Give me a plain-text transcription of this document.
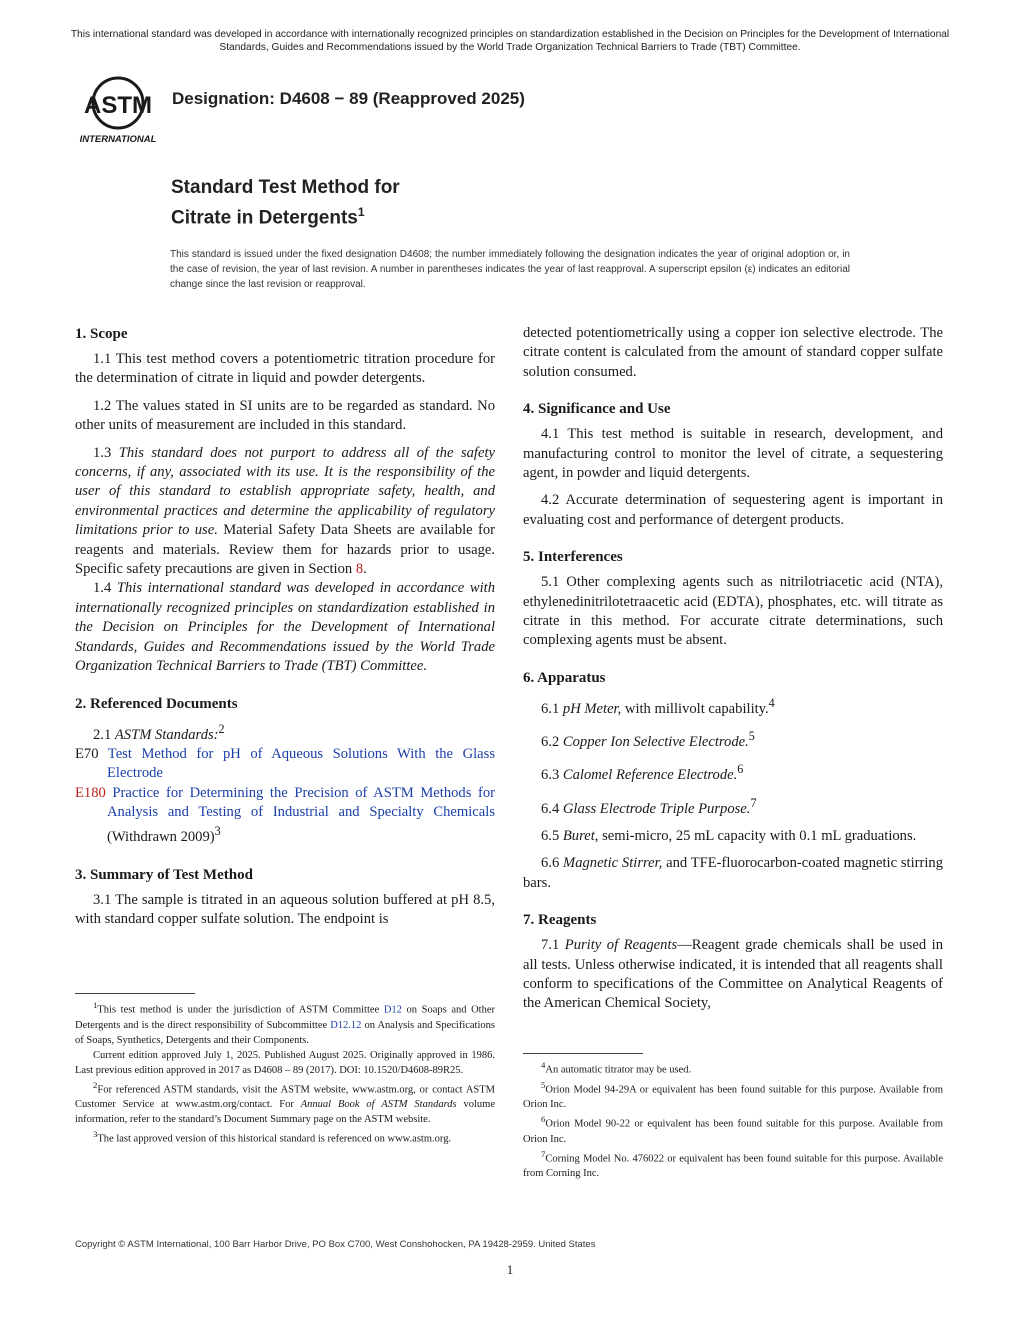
This international standard was developed in accordance with internationally recognized principles on standardization established in the Decision on Principles for the Development of International Standards, Guides and Recommendations issued by the World Trade Organization Technical Barriers to Trade (TBT) Committee.
ASTM
INTERNATIONAL
Designation: D4608 − 89 (Reapproved 2025)
Standard Test Method for
Citrate in Detergents$^1$
This standard is issued under the fixed designation D4608; the number immediately following the designation indicates the year of original adoption or, in the case of revision, the year of last revision. A number in parentheses indicates the year of last reapproval. A superscript epsilon (ε) indicates an editorial change since the last revision or reapproval.
1. Scope

1.1 This test method covers a potentiometric titration procedure for the determination of citrate in liquid and powder detergents.

1.2 The values stated in SI units are to be regarded as standard. No other units of measurement are included in this standard.

1.3 This standard does not purport to address all of the safety concerns, if any, associated with its use. It is the responsibility of the user of this standard to establish appropriate safety, health, and environmental practices and determine the applicability of regulatory limitations prior to use. Material Safety Data Sheets are available for reagents and materials. Review them for hazards prior to usage. Specific safety precautions are given in Section 8.

1.4 This international standard was developed in accordance with internationally recognized principles on standardization established in the Decision on Principles for the Development of International Standards, Guides and Recommendations issued by the World Trade Organization Technical Barriers to Trade (TBT) Committee.

2. Referenced Documents

2.1 ASTM Standards:$^2$

E70 Test Method for pH of Aqueous Solutions With the Glass Electrode

E180 Practice for Determining the Precision of ASTM Methods for Analysis and Testing of Industrial and Specialty Chemicals (Withdrawn 2009)$^3$

3. Summary of Test Method

3.1 The sample is titrated in an aqueous solution buffered at pH 8.5, with standard copper sulfate solution. The endpoint is

$^1$This test method is under the jurisdiction of ASTM Committee D12 on Soaps and Other Detergents and is the direct responsibility of Subcommittee D12.12 on Analysis and Specifications of Soaps, Synthetics, Detergents and their Components.

Current edition approved July 1, 2025. Published August 2025. Originally approved in 1986. Last previous edition approved in 2017 as D4608 – 89 (2017). DOI: 10.1520/D4608-89R25.

$^2$For referenced ASTM standards, visit the ASTM website, www.astm.org, or contact ASTM Customer Service at www.astm.org/contact. For Annual Book of ASTM Standards volume information, refer to the standard’s Document Summary page on the ASTM website.

$^3$The last approved version of this historical standard is referenced on www.astm.org.

detected potentiometrically using a copper ion selective electrode. The citrate content is calculated from the amount of standard copper sulfate solution consumed.

4. Significance and Use

4.1 This test method is suitable in research, development, and manufacturing control to monitor the level of citrate, a sequestering agent, in powder and liquid detergents.

4.2 Accurate determination of sequestering agent is important in evaluating cost and performance of detergent products.

5. Interferences

5.1 Other complexing agents such as nitrilotriacetic acid (NTA), ethylenedinitrilotetraacetic acid (EDTA), phosphates, etc. will titrate as citrate in this method. For accurate citrate determinations, such complexing agents must be absent.

6. Apparatus

6.1 pH Meter, with millivolt capability.$^4$

6.2 Copper Ion Selective Electrode.$^5$

6.3 Calomel Reference Electrode.$^6$

6.4 Glass Electrode Triple Purpose.$^7$

6.5 Buret, semi-micro, 25 mL capacity with 0.1 mL graduations.

6.6 Magnetic Stirrer, and TFE-fluorocarbon-coated magnetic stirring bars.

7. Reagents

7.1 Purity of Reagents—Reagent grade chemicals shall be used in all tests. Unless otherwise indicated, it is intended that all reagents shall conform to specifications of the Committee on Analytical Reagents of the American Chemical Society,

$^4$An automatic titrator may be used.

$^5$Orion Model 94-29A or equivalent has been found suitable for this purpose. Available from Orion Inc.

$^6$Orion Model 90-22 or equivalent has been found suitable for this purpose. Available from Orion Inc.

$^7$Corning Model No. 476022 or equivalent has been found suitable for this purpose. Available from Corning Inc.

Copyright © ASTM International, 100 Barr Harbor Drive, PO Box C700, West Conshohocken, PA 19428-2959. United States
1
